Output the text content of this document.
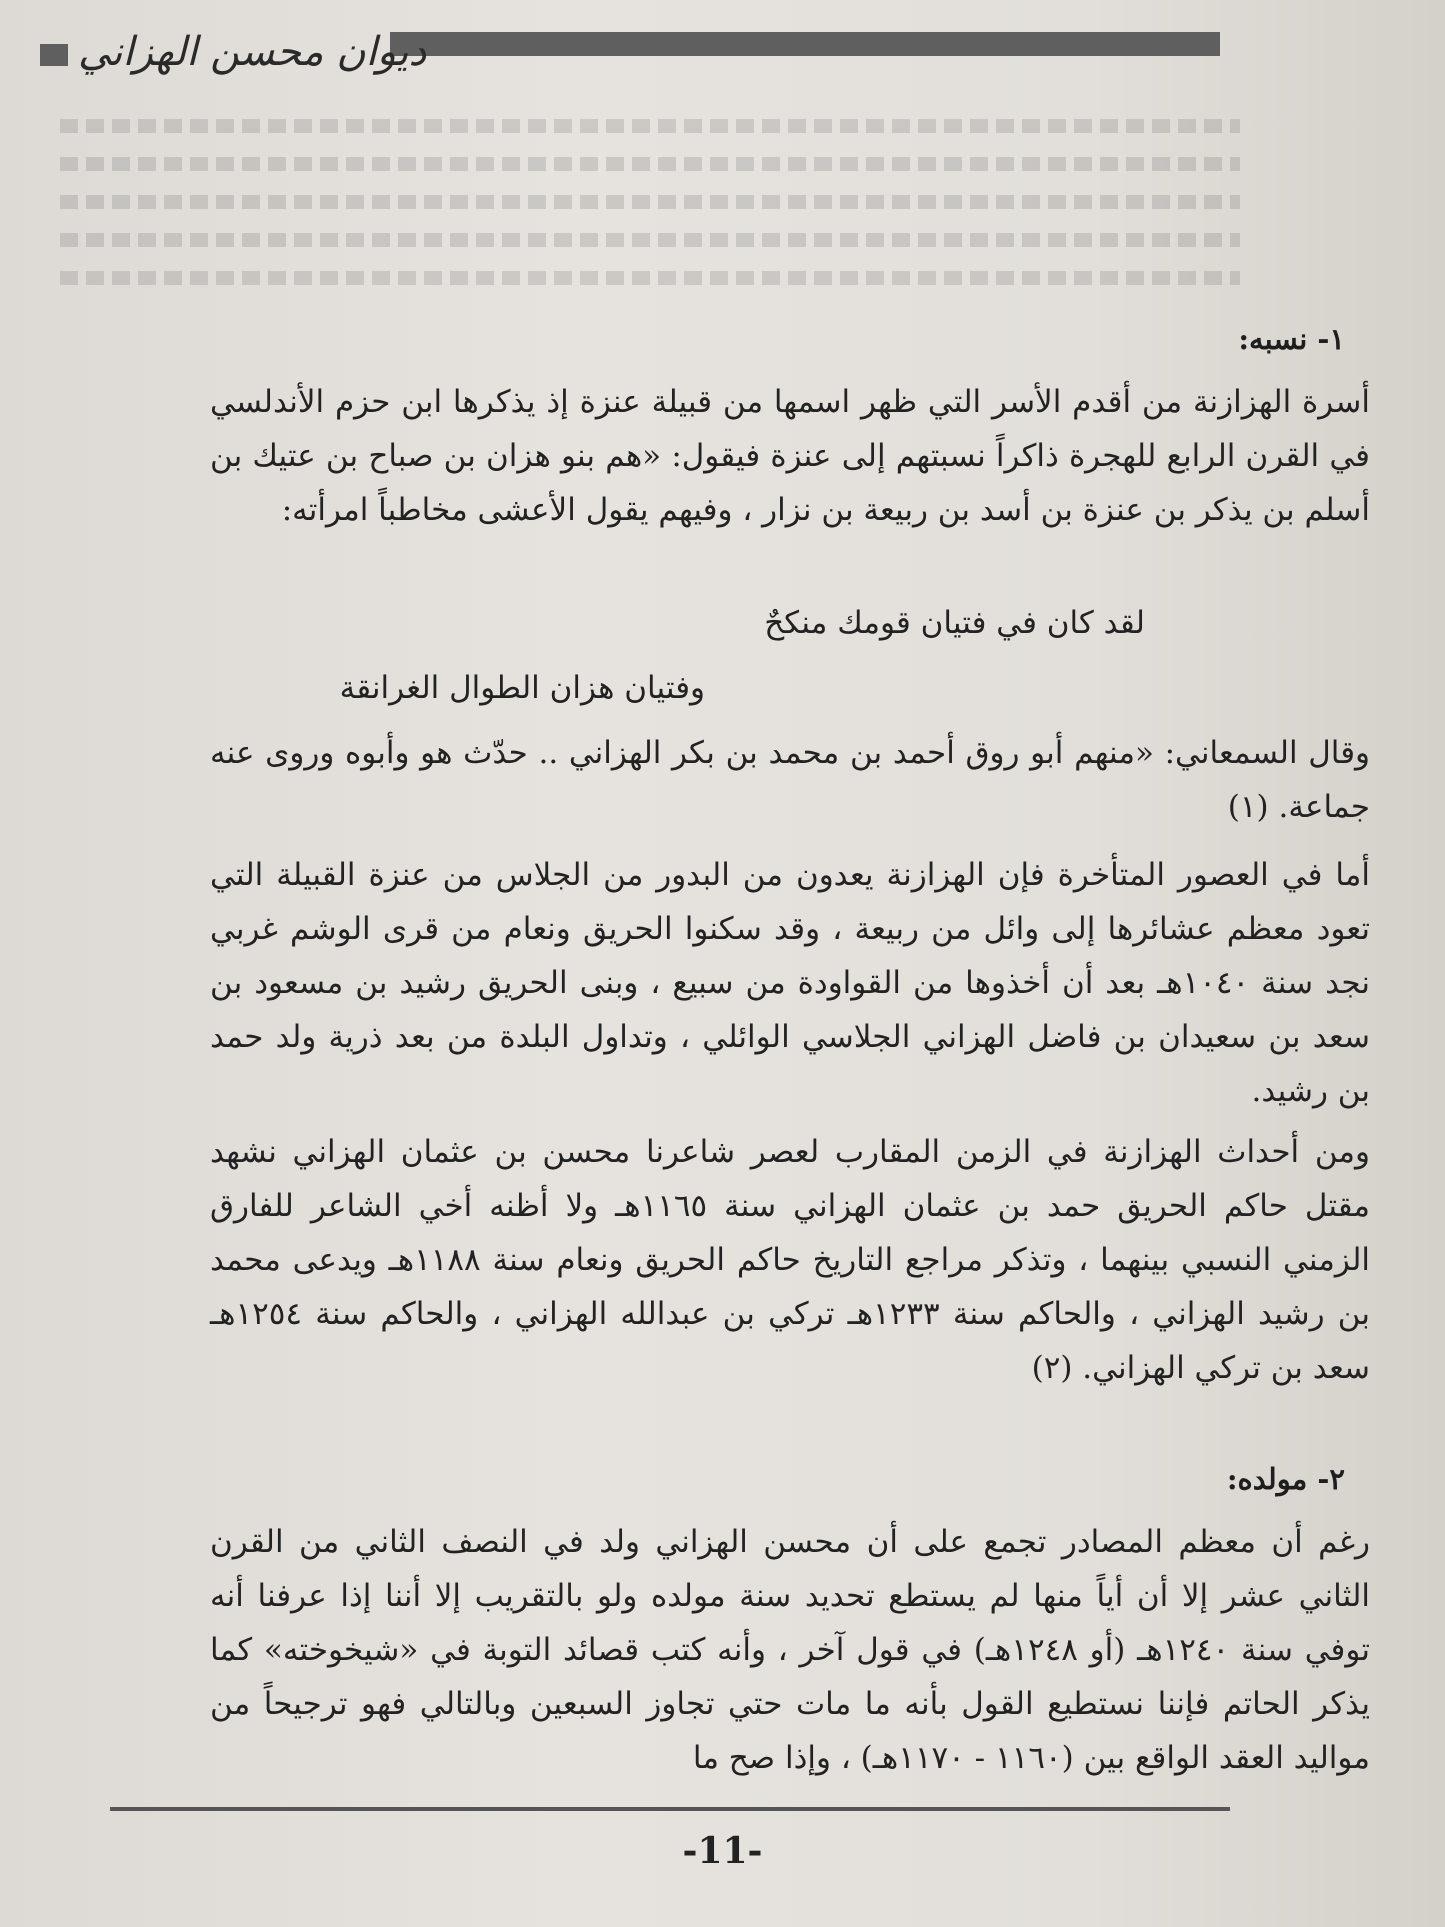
ديوان محسن الهزاني
١- نسبه:
أسرة الهزازنة من أقدم الأسر التي ظهر اسمها من قبيلة عنزة إذ يذكرها ابن حزم الأندلسي في القرن الرابع للهجرة ذاكراً نسبتهم إلى عنزة فيقول: «هم بنو هزان بن صباح بن عتيك بن أسلم بن يذكر بن عنزة بن أسد بن ربيعة بن نزار ، وفيهم يقول الأعشى مخاطباً امرأته:
لقد كان في فتيان قومك منكحٌ
وفتيان هزان الطوال الغرانقة
وقال السمعاني: «منهم أبو روق أحمد بن محمد بن بكر الهزاني .. حدّث هو وأبوه وروى عنه جماعة. (١)
أما في العصور المتأخرة فإن الهزازنة يعدون من البدور من الجلاس من عنزة القبيلة التي تعود معظم عشائرها إلى وائل من ربيعة ، وقد سكنوا الحريق ونعام من قرى الوشم غربي نجد سنة ١٠٤٠هـ بعد أن أخذوها من القواودة من سبيع ، وبنى الحريق رشيد بن مسعود بن سعد بن سعيدان بن فاضل الهزاني الجلاسي الوائلي ، وتداول البلدة من بعد ذرية ولد حمد بن رشيد.
ومن أحداث الهزازنة في الزمن المقارب لعصر شاعرنا محسن بن عثمان الهزاني نشهد مقتل حاكم الحريق حمد بن عثمان الهزاني سنة ١١٦٥هـ ولا أظنه أخي الشاعر للفارق الزمني النسبي بينهما ، وتذكر مراجع التاريخ حاكم الحريق ونعام سنة ١١٨٨هـ ويدعى محمد بن رشيد الهزاني ، والحاكم سنة ١٢٣٣هـ تركي بن عبدالله الهزاني ، والحاكم سنة ١٢٥٤هـ سعد بن تركي الهزاني. (٢)
٢- مولده:
رغم أن معظم المصادر تجمع على أن محسن الهزاني ولد في النصف الثاني من القرن الثاني عشر إلا أن أياً منها لم يستطع تحديد سنة مولده ولو بالتقريب إلا أننا إذا عرفنا أنه توفي سنة ١٢٤٠هـ (أو ١٢٤٨هـ) في قول آخر ، وأنه كتب قصائد التوبة في «شيخوخته» كما يذكر الحاتم فإننا نستطيع القول بأنه ما مات حتي تجاوز السبعين وبالتالي فهو ترجيحاً من مواليد العقد الواقع بين (١١٦٠ - ١١٧٠هـ) ، وإذا صح ما
-11-
